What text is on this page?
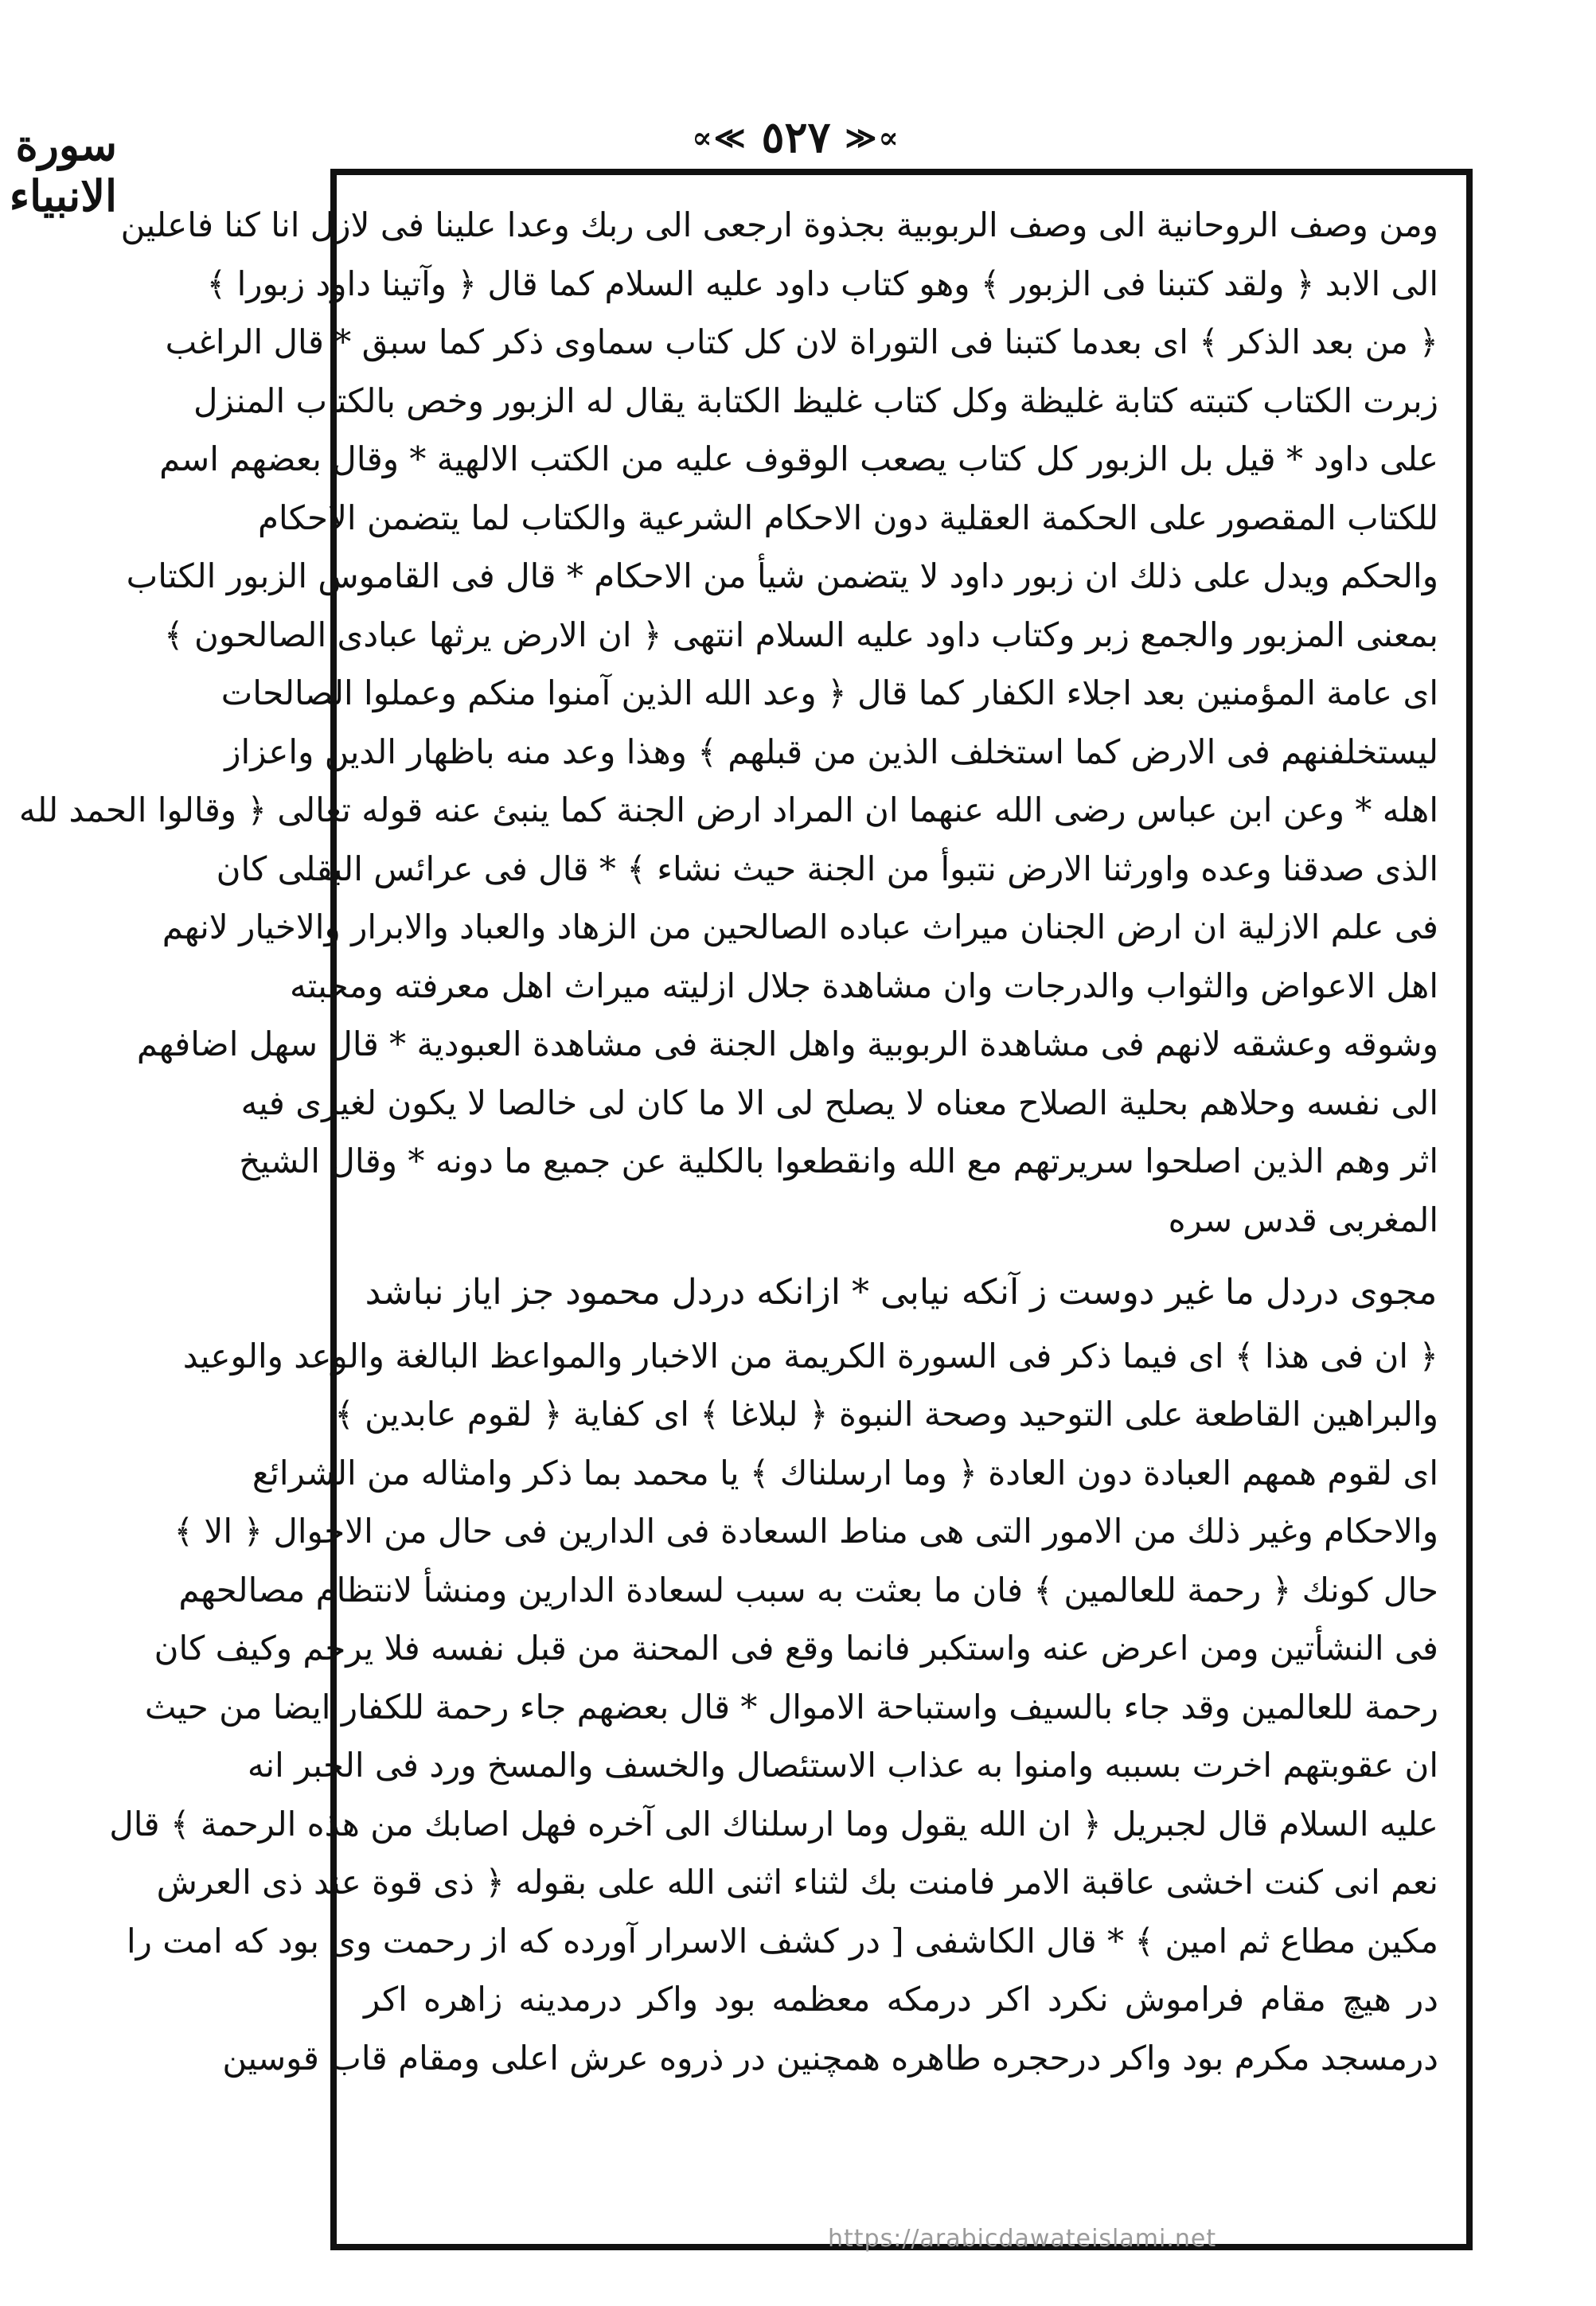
سورة الانبياء
∝≪
٥٢٧
≫∝
ومن وصف الروحانية الى وصف الربوبية بجذوة ارجعى الى ربك وعدا علينا فى لازل انا كنا فاعلين
الى الابد ﴿ ولقد كتبنا فى الزبور ﴾ وهو كتاب داود عليه السلام كما قال ﴿ وآتينا داود زبورا ﴾
﴿ من بعد الذكر ﴾ اى بعدما كتبنا فى التوراة لان كل كتاب سماوى ذكر كما سبق * قال الراغب
زبرت الكتاب كتبته كتابة غليظة وكل كتاب غليظ الكتابة يقال له الزبور وخص بالكتاب المنزل
على داود * قيل بل الزبور كل كتاب يصعب الوقوف عليه من الكتب الالهية * وقال بعضهم اسم
للكتاب المقصور على الحكمة العقلية دون الاحكام الشرعية والكتاب لما يتضمن الاحكام
والحكم ويدل على ذلك ان زبور داود لا يتضمن شيأ من الاحكام * قال فى القاموس الزبور الكتاب
بمعنى المزبور والجمع زبر وكتاب داود عليه السلام انتهى ﴿ ان الارض يرثها عبادى الصالحون ﴾
اى عامة المؤمنين بعد اجلاء الكفار كما قال ﴿ وعد الله الذين آمنوا منكم وعملوا الصالحات
ليستخلفنهم فى الارض كما استخلف الذين من قبلهم ﴾ وهذا وعد منه باظهار الدين واعزاز
اهله * وعن ابن عباس رضى الله عنهما ان المراد ارض الجنة كما ينبئ عنه قوله تعالى ﴿ وقالوا الحمد لله
الذى صدقنا وعده واورثنا الارض نتبوأ من الجنة حيث نشاء ﴾ * قال فى عرائس البقلى كان
فى علم الازلية ان ارض الجنان ميراث عباده الصالحين من الزهاد والعباد والابرار والاخيار لانهم
اهل الاعواض والثواب والدرجات وان مشاهدة جلال ازليته ميراث اهل معرفته ومحبته
وشوقه وعشقه لانهم فى مشاهدة الربوبية واهل الجنة فى مشاهدة العبودية * قال سهل اضافهم
الى نفسه وحلاهم بحلية الصلاح معناه لا يصلح لى الا ما كان لى خالصا لا يكون لغيرى فيه
اثر وهم الذين اصلحوا سريرتهم مع الله وانقطعوا بالكلية عن جميع ما دونه * وقال الشيخ
المغربى قدس سره
مجوى دردل ما غير دوست ز آنكه نيابى * ازانكه دردل محمود جز اياز نباشد
﴿ ان فى هذا ﴾ اى فيما ذكر فى السورة الكريمة من الاخبار والمواعظ البالغة والوعد والوعيد
والبراهين القاطعة على التوحيد وصحة النبوة ﴿ لبلاغا ﴾ اى كفاية ﴿ لقوم عابدين ﴾
اى لقوم همهم العبادة دون العادة ﴿ وما ارسلناك ﴾ يا محمد بما ذكر وامثاله من الشرائع
والاحكام وغير ذلك من الامور التى هى مناط السعادة فى الدارين فى حال من الاحوال ﴿ الا ﴾
حال كونك ﴿ رحمة للعالمين ﴾ فان ما بعثت به سبب لسعادة الدارين ومنشأ لانتظام مصالحهم
فى النشأتين ومن اعرض عنه واستكبر فانما وقع فى المحنة من قبل نفسه فلا يرحم وكيف كان
رحمة للعالمين وقد جاء بالسيف واستباحة الاموال * قال بعضهم جاء رحمة للكفار ايضا من حيث
ان عقوبتهم اخرت بسببه وامنوا به عذاب الاستئصال والخسف والمسخ ورد فى الخبر انه
عليه السلام قال لجبريل ﴿ ان الله يقول وما ارسلناك الى آخره فهل اصابك من هذه الرحمة ﴾ قال
نعم انى كنت اخشى عاقبة الامر فامنت بك لثناء اثنى الله على بقوله ﴿ ذى قوة عند ذى العرش
مكين مطاع ثم امين ﴾ * قال الكاشفى [ در كشف الاسرار آورده كه از رحمت وى بود كه امت را
در هيچ مقام فراموش نكرد اكر درمكه معظمه بود واكر درمدينه زاهره اكر
درمسجد مكرم بود واكر درحجره طاهره همچنين در ذروه عرش اعلى ومقام قاب قوسين
https://arabicdawateislami.net
